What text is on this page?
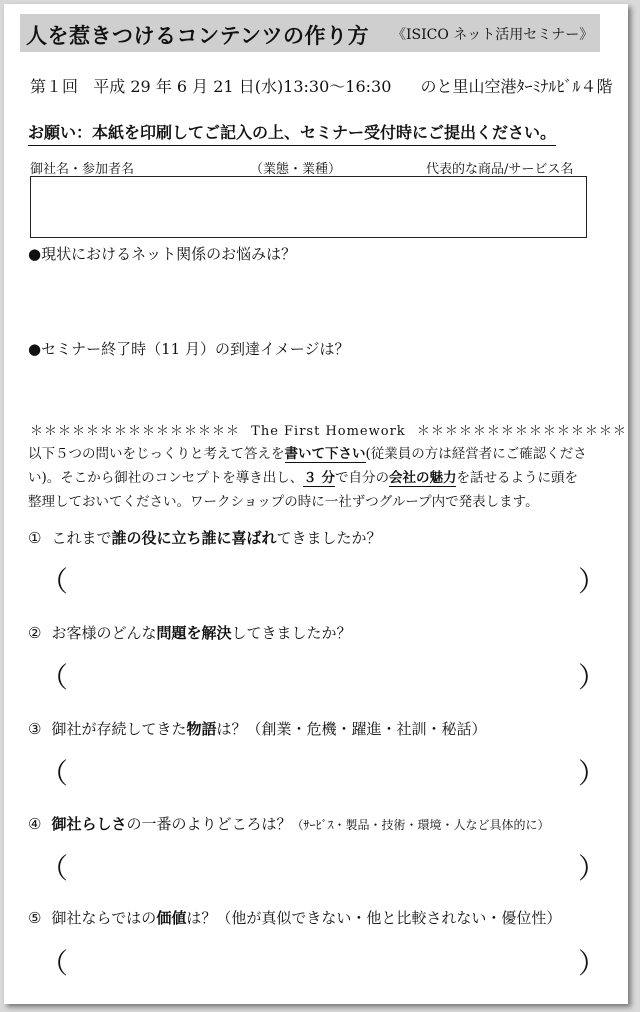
人を惹きつけるコンテンツの作り方 《ISICO ネット活用セミナー》
第１回 平成 29 年 6 月 21 日(水)13:30～16:30 のと里山空港ﾀｰﾐﾅﾙﾋﾞﾙ４階
お願い：本紙を印刷してご記入の上、セミナー受付時にご提出ください。
御社名・参加者名	（業態・業種）	代表的な商品/サービス名
●現状におけるネット関係のお悩みは？
●セミナー終了時（11 月）の到達イメージは？
＊＊＊＊＊＊＊＊＊＊＊＊＊＊＊ The First Homework ＊＊＊＊＊＊＊＊＊＊＊＊＊＊＊
以下５つの問いをじっくりと考えて答えを書いて下さい(従業員の方は経営者にご確認ください)。そこから御社のコンセプトを導き出し、３ 分で自分の会社の魅力を話せるように頭を整理しておいてください。ワークショップの時に一社ずつグループ内で発表します。
① これまで誰の役に立ち誰に喜ばれてきましたか？
（	）
② お客様のどんな問題を解決してきましたか？
（	）
③ 御社が存続してきた物語は？（創業・危機・躍進・社訓・秘話）
（	）
④ 御社らしさの一番のよりどころは？（ｻｰﾋﾞｽ・製品・技術・環境・人など具体的に）
（	）
⑤ 御社ならではの価値は？（他が真似できない・他と比較されない・優位性）
（	）
